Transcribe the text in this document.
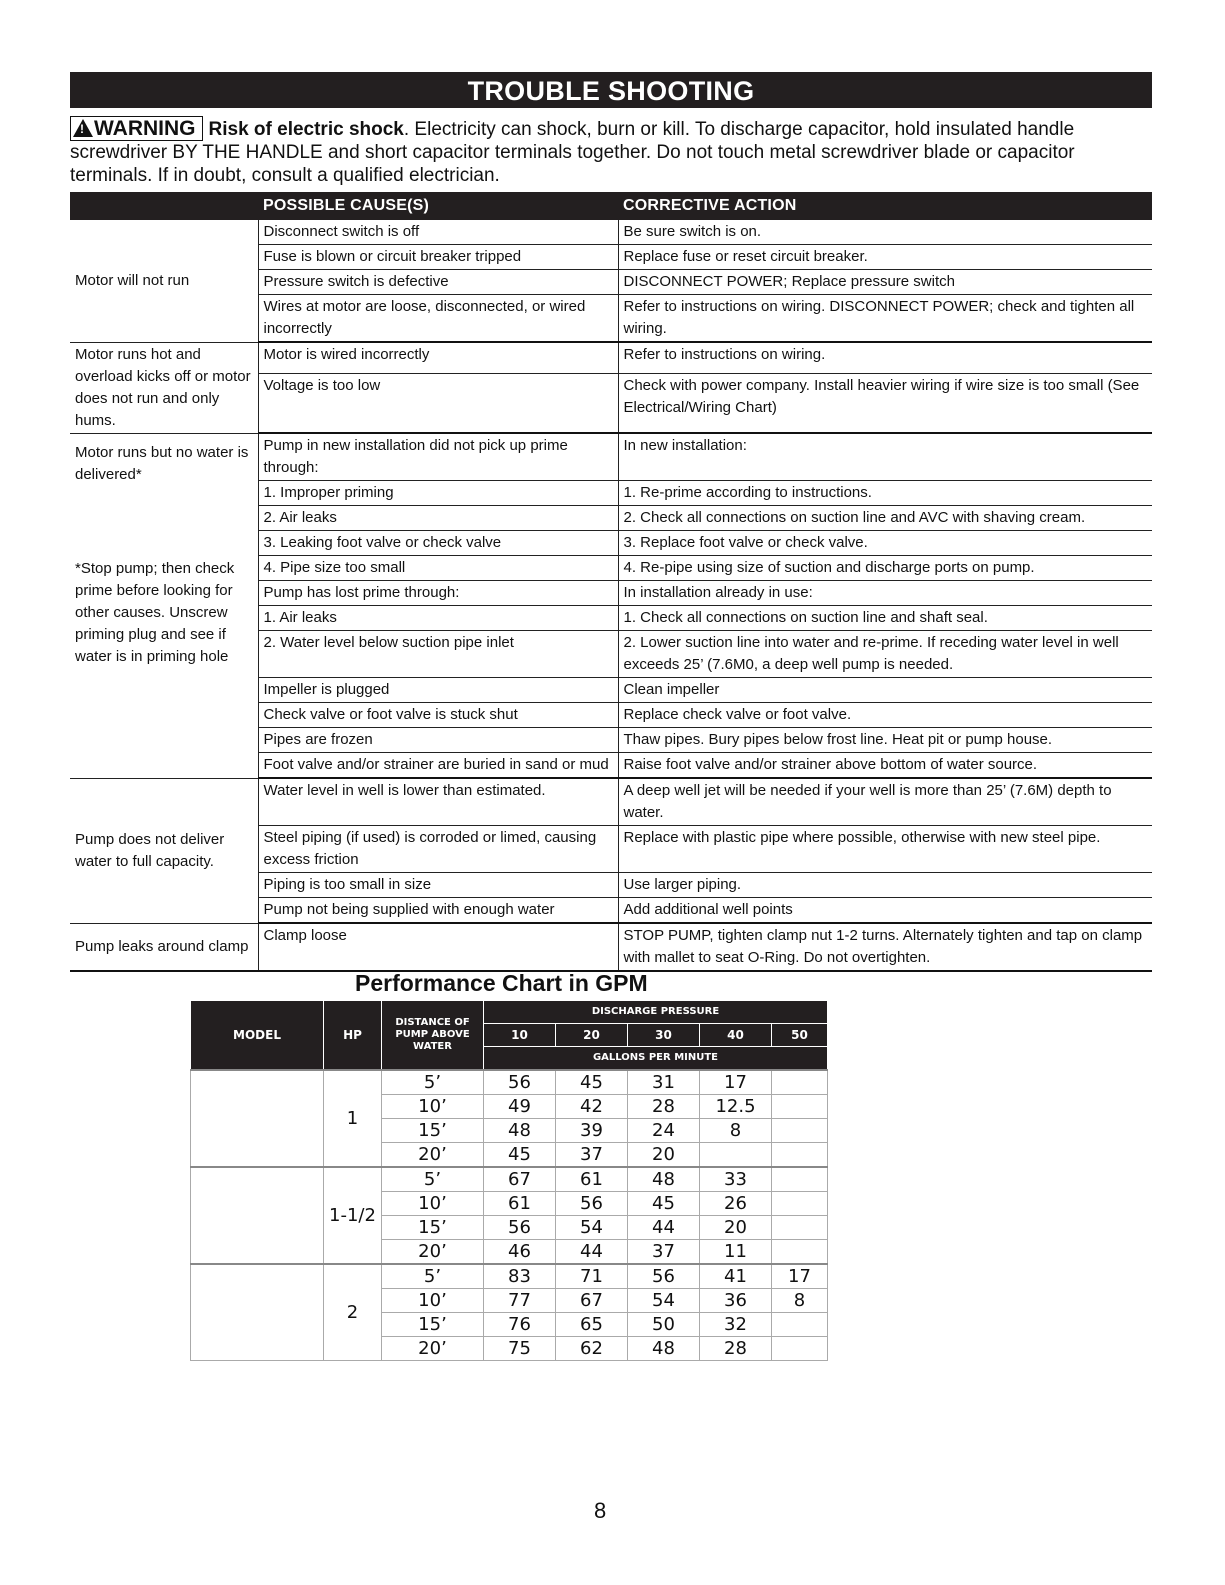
TROUBLE SHOOTING
!WARNING Risk of electric shock. Electricity can shock, burn or kill. To discharge capacitor, hold insulated handle screwdriver BY THE HANDLE and short capacitor terminals together. Do not touch metal screwdriver blade or capacitor terminals. If in doubt, consult a qualified electrician.
	POSSIBLE CAUSE(S)	CORRECTIVE ACTION

Motor will not run	Disconnect switch is off	Be sure switch is on.
	Fuse is blown or circuit breaker tripped	Replace fuse or reset circuit breaker.
	Pressure switch is defective	DISCONNECT POWER; Replace pressure switch
	Wires at motor are loose, disconnected, or wired incorrectly	Refer to instructions on wiring. DISCONNECT POWER; check and tighten all wiring.

Motor runs hot and overload kicks off or motor does not run and only hums.	Motor is wired incorrectly	Refer to instructions on wiring.
	Voltage is too low	Check with power company. Install heavier wiring if wire size is too small (See Electrical/Wiring Chart)

Motor runs but no water is delivered*
*Stop pump; then check prime before looking for other causes. Unscrew priming plug and see if water is in priming hole	Pump in new installation did not pick up prime through:	In new installation:
	1. Improper priming	1. Re-prime according to instructions.
	2. Air leaks	2. Check all connections on suction line and AVC with shaving cream.
	3. Leaking foot valve or check valve	3. Replace foot valve or check valve.
	4. Pipe size too small	4. Re-pipe using size of suction and discharge ports on pump.
	Pump has lost prime through:	In installation already in use:
	1. Air leaks	1. Check all connections on suction line and shaft seal.
	2. Water level below suction pipe inlet	2. Lower suction line into water and re-prime. If receding water level in well exceeds 25’ (7.6M0, a deep well pump is needed.
	Impeller is plugged	Clean impeller
	Check valve or foot valve is stuck shut	Replace check valve or foot valve.
	Pipes are frozen	Thaw pipes. Bury pipes below frost line. Heat pit or pump house.
	Foot valve and/or strainer are buried in sand or mud	Raise foot valve and/or strainer above bottom of water source.

Pump does not deliver water to full capacity.	Water level in well is lower than estimated.	A deep well jet will be needed if your well is more than 25’ (7.6M) depth to water.
	Steel piping (if used) is corroded or limed, causing excess friction	Replace with plastic pipe where possible, otherwise with new steel pipe.
	Piping is too small in size	Use larger piping.
	Pump not being supplied with enough water	Add additional well points

Pump leaks around clamp	Clamp loose	STOP PUMP, tighten clamp nut 1-2 turns. Alternately tighten and tap on clamp with mallet to seat O-Ring. Do not overtighten.
Performance Chart in GPM
MODEL	HP	DISTANCE OF PUMP ABOVE WATER	DISCHARGE PRESSURE				
			10	20	30	40	50
			GALLONS PER MINUTE				
	1	5’	56	45	31	17	
		10’	49	42	28	12.5	
		15’	48	39	24	8	
		20’	45	37	20		
	1-1/2	5’	67	61	48	33	
		10’	61	56	45	26	
		15’	56	54	44	20	
		20’	46	44	37	11	
	2	5’	83	71	56	41	17
		10’	77	67	54	36	8
		15’	76	65	50	32	
		20’	75	62	48	28	
8
